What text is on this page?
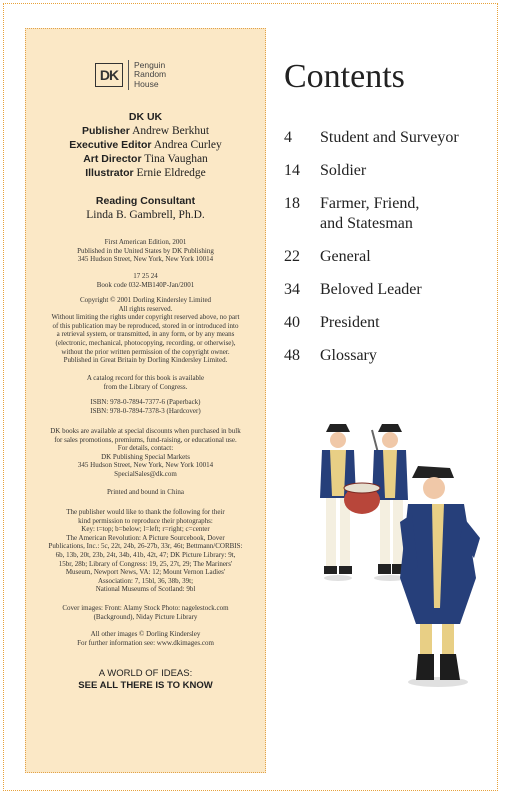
DK
Penguin
Random
House
DK UK
Publisher Andrew Berkhut
Executive Editor Andrea Curley
Art Director Tina Vaughan
Illustrator Ernie Eldredge
Reading Consultant
Linda B. Gambrell, Ph.D.
First American Edition, 2001
Published in the United States by DK Publishing
345 Hudson Street, New York, New York 10014
17 25 24
Book code 032-MB140P-Jan/2001
Copyright © 2001 Dorling Kindersley Limited
All rights reserved.
Without limiting the rights under copyright reserved above, no part
of this publication may be reproduced, stored in or introduced into
a retrieval system, or transmitted, in any form, or by any means
(electronic, mechanical, photocopying, recording, or otherwise),
without the prior written permission of the copyright owner.
Published in Great Britain by Dorling Kindersley Limited.
A catalog record for this book is available
from the Library of Congress.
ISBN: 978-0-7894-7377-6 (Paperback)
ISBN: 978-0-7894-7378-3 (Hardcover)
DK books are available at special discounts when purchased in bulk
for sales promotions, premiums, fund-raising, or educational use.
For details, contact:
DK Publishing Special Markets
345 Hudson Street, New York, New York 10014
SpecialSales@dk.com
Printed and bound in China
The publisher would like to thank the following for their
kind permission to reproduce their photographs:
Key: t=top; b=below; l=left; r=right; c=center
The American Revolution: A Picture Sourcebook, Dover
Publications, Inc.: 5c, 22t, 24b, 26-27b, 33r, 46t; Bettmann/CORBIS:
6b, 13b, 20t, 23b, 24t, 34b, 41b, 42t, 47; DK Picture Library: 9t,
15br, 28b; Library of Congress: 19, 25, 27t, 29; The Mariners'
Museum, Newport News, VA: 12; Mount Vernon Ladies'
Association: 7, 15bl, 36, 38b, 39t;
National Museums of Scotland: 9bl
Cover images: Front: Alamy Stock Photo: nagelestock.com
(Background), Niday Picture Library
All other images © Dorling Kindersley
For further information see: www.dkimages.com
A WORLD OF IDEAS:
SEE ALL THERE IS TO KNOW
Contents
4	Student and Surveyor
14	Soldier
18	Farmer, Friend,
and Statesman
22	General
34	Beloved Leader
40	President
48	Glossary
